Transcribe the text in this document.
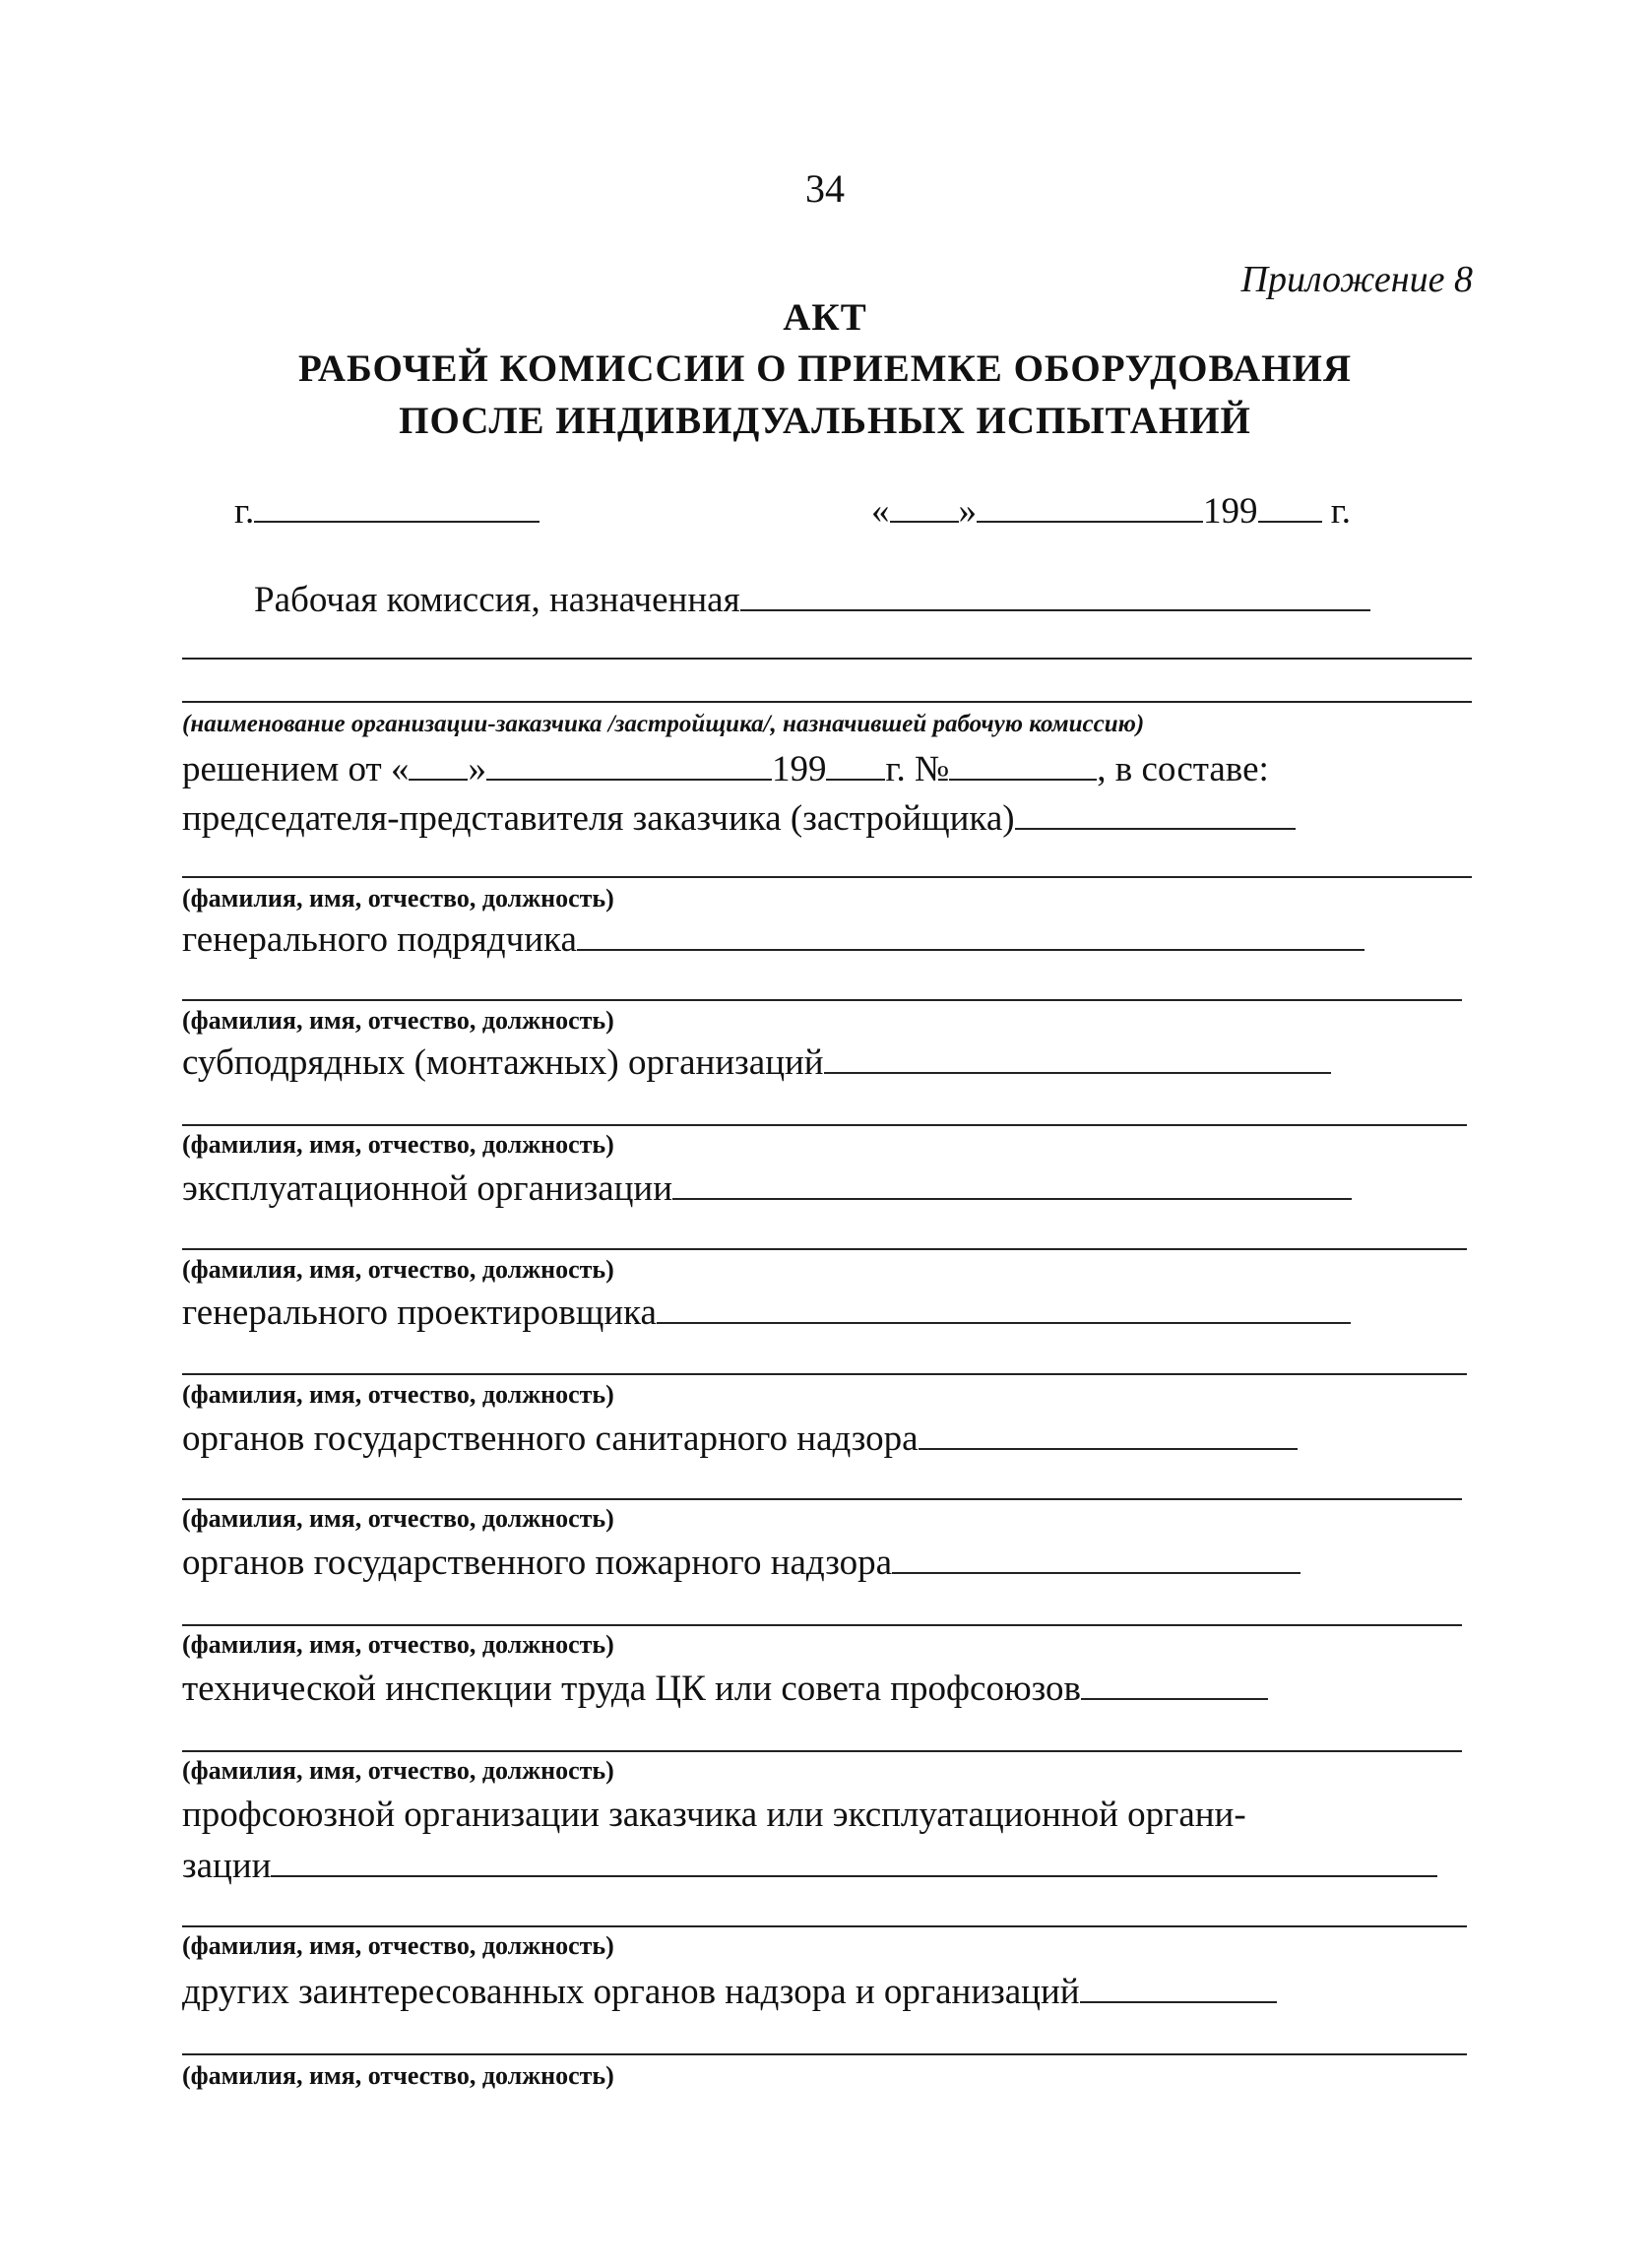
34
Приложение 8
АКТ
РАБОЧЕЙ КОМИССИИ О ПРИЕМКЕ ОБОРУДОВАНИЯ
ПОСЛЕ ИНДИВИДУАЛЬНЫХ ИСПЫТАНИЙ
г.	« »	199 г.
Рабочая комиссия, назначенная
(наименование организации-заказчика /застройщика/, назначившей рабочую комиссию)
решением от « »	199 г. №	, в составе:
председателя-представителя заказчика (застройщика)
(фамилия, имя, отчество, должность)
генерального подрядчика
(фамилия, имя, отчество, должность)
субподрядных (монтажных) организаций
(фамилия, имя, отчество, должность)
эксплуатационной организации
(фамилия, имя, отчество, должность)
генерального проектировщика
(фамилия, имя, отчество, должность)
органов государственного санитарного надзора
(фамилия, имя, отчество, должность)
органов государственного пожарного надзора
(фамилия, имя, отчество, должность)
технической инспекции труда ЦК или совета профсоюзов
(фамилия, имя, отчество, должность)
профсоюзной организации заказчика или эксплуатационной органи-
зации
(фамилия, имя, отчество, должность)
других заинтересованных органов надзора и организаций
(фамилия, имя, отчество, должность)
